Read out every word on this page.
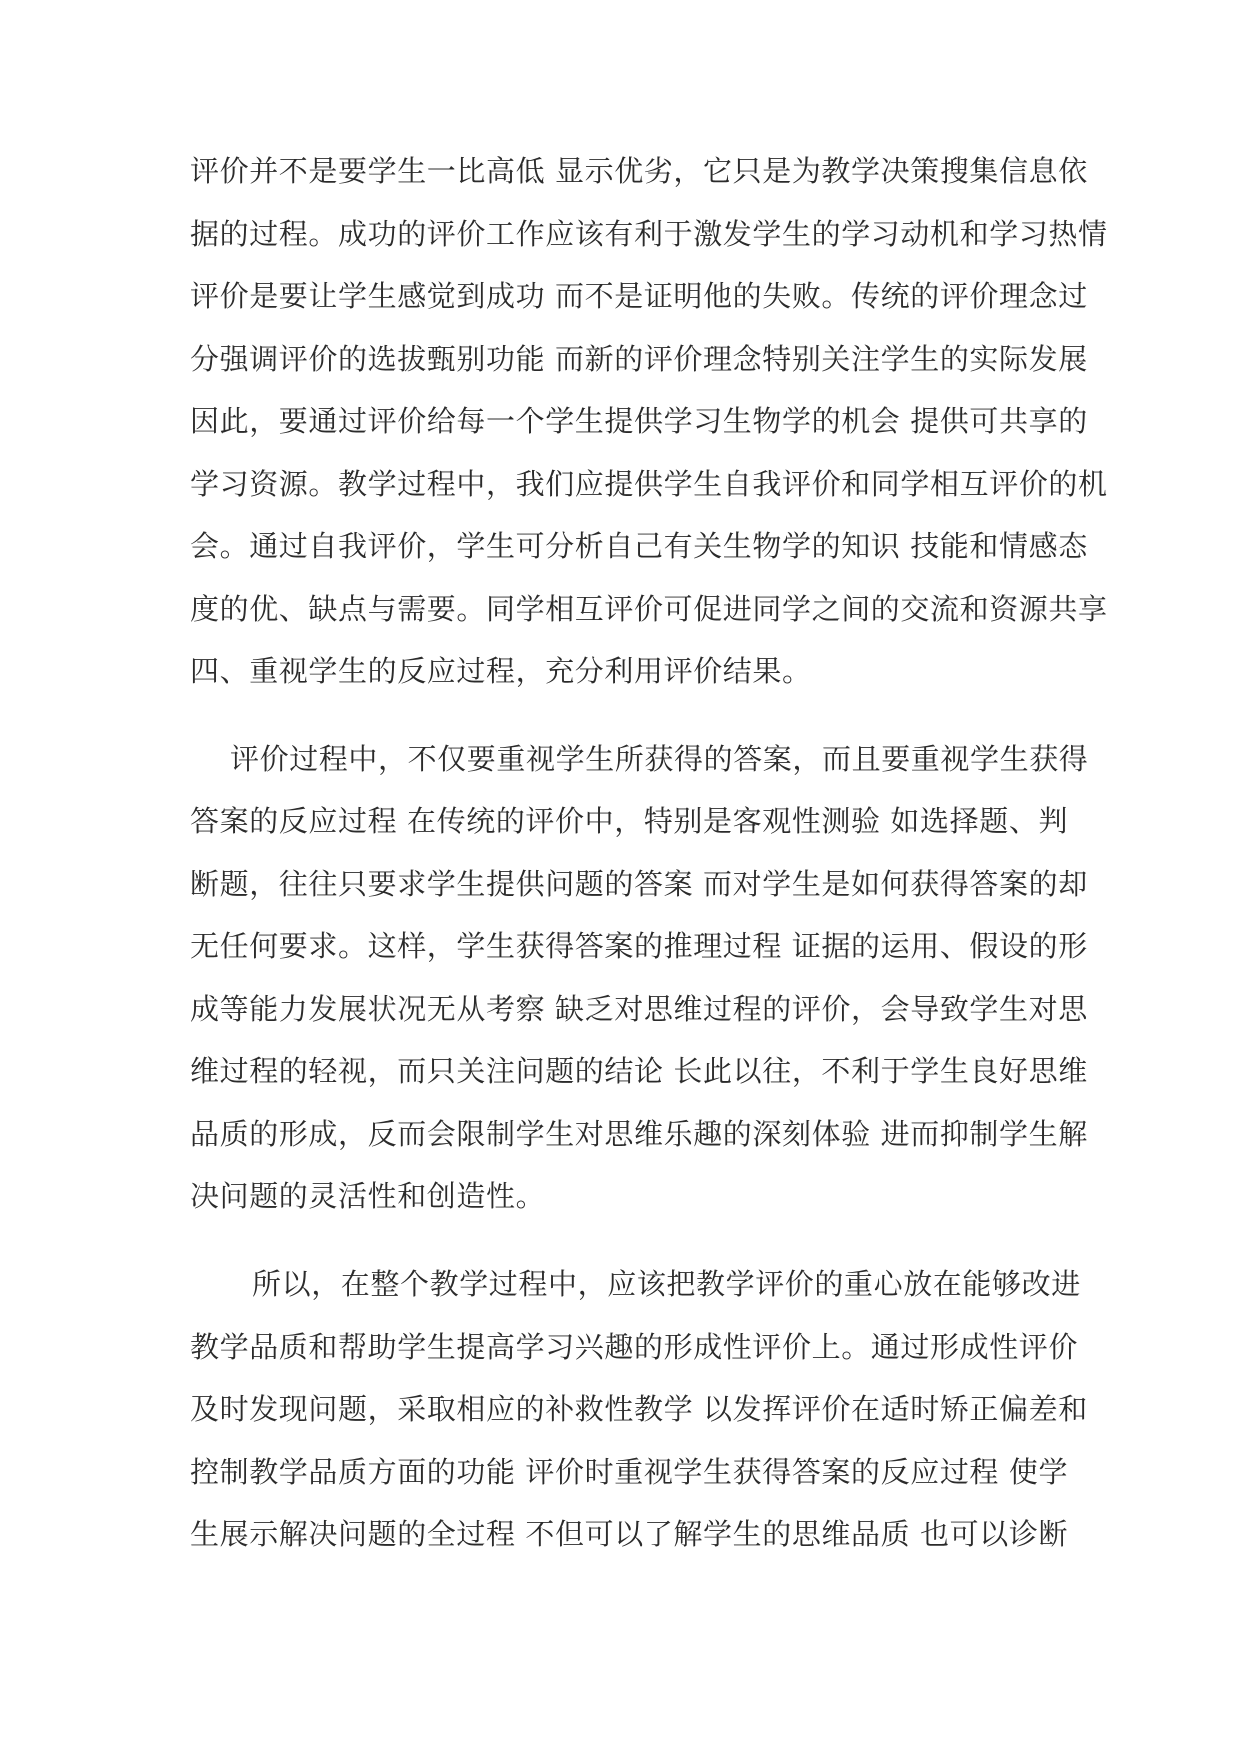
评价并不是要学生一比高低 显示优劣，它只是为教学决策搜集信息依

据的过程。成功的评价工作应该有利于激发学生的学习动机和学习热情

评价是要让学生感觉到成功 而不是证明他的失败。传统的评价理念过

分强调评价的选拔甄别功能 而新的评价理念特别关注学生的实际发展

因此，要通过评价给每一个学生提供学习生物学的机会 提供可共享的

学习资源。教学过程中，我们应提供学生自我评价和同学相互评价的机

会。通过自我评价，学生可分析自己有关生物学的知识 技能和情感态

度的优、缺点与需要。同学相互评价可促进同学之间的交流和资源共享

四、重视学生的反应过程，充分利用评价结果。

评价过程中，不仅要重视学生所获得的答案，而且要重视学生获得

答案的反应过程 在传统的评价中，特别是客观性测验 如选择题、判

断题，往往只要求学生提供问题的答案 而对学生是如何获得答案的却

无任何要求。这样，学生获得答案的推理过程 证据的运用、假设的形

成等能力发展状况无从考察 缺乏对思维过程的评价，会导致学生对思

维过程的轻视，而只关注问题的结论 长此以往，不利于学生良好思维

品质的形成，反而会限制学生对思维乐趣的深刻体验 进而抑制学生解

决问题的灵活性和创造性。

所以，在整个教学过程中，应该把教学评价的重心放在能够改进

教学品质和帮助学生提高学习兴趣的形成性评价上。通过形成性评价

及时发现问题，采取相应的补救性教学 以发挥评价在适时矫正偏差和

控制教学品质方面的功能 评价时重视学生获得答案的反应过程 使学

生展示解决问题的全过程 不但可以了解学生的思维品质 也可以诊断
